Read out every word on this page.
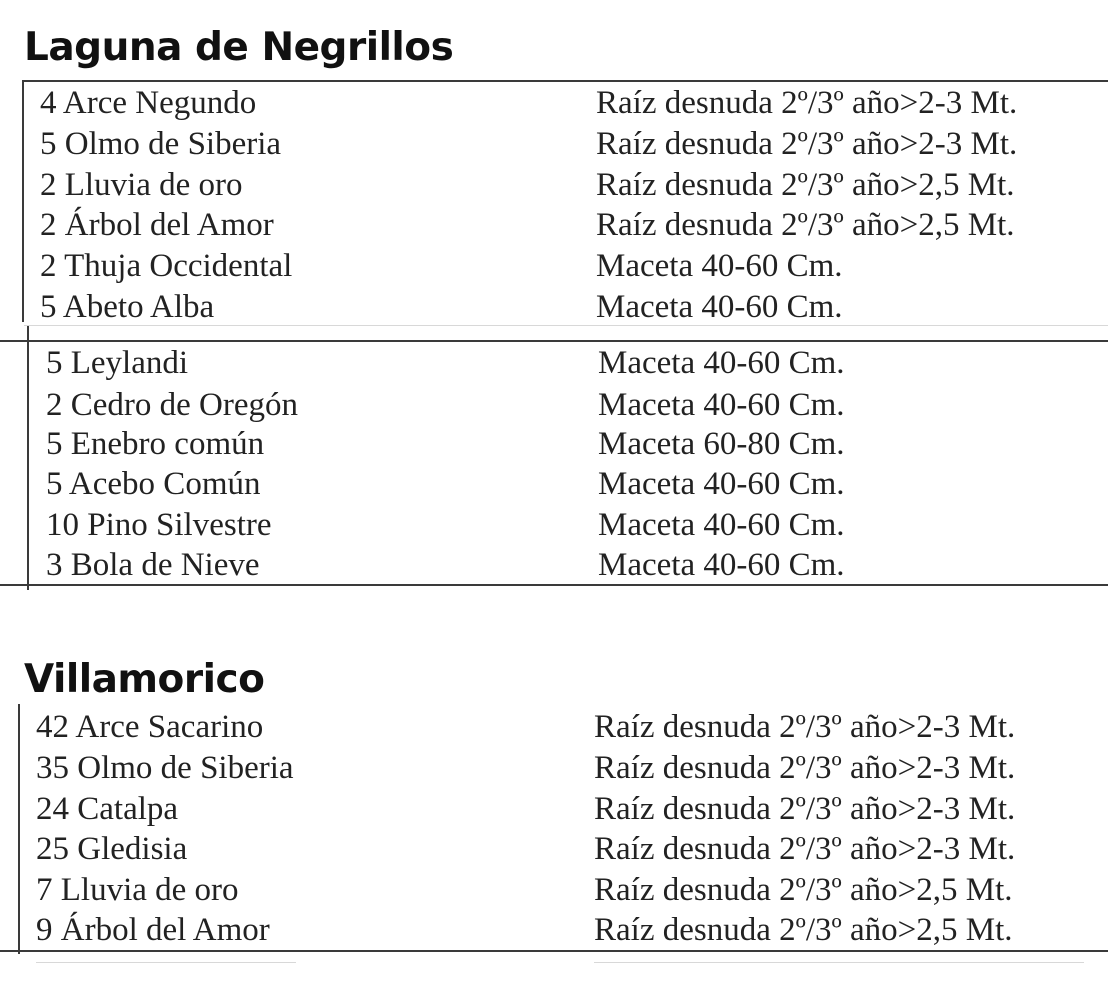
Laguna de Negrillos
4 Arce Negundo	Raíz desnuda 2º/3º año>2-3 Mt.
5 Olmo de Siberia	Raíz desnuda 2º/3º año>2-3 Mt.
2 Lluvia de oro	Raíz desnuda 2º/3º año>2,5 Mt.
2 Árbol del Amor	Raíz desnuda 2º/3º año>2,5 Mt.
2 Thuja Occidental	Maceta 40-60 Cm.
5 Abeto Alba	Maceta 40-60 Cm.
5 Leylandi	Maceta 40-60 Cm.
2 Cedro de Oregón	Maceta 40-60 Cm.
5 Enebro común	Maceta 60-80 Cm.
5 Acebo Común	Maceta 40-60 Cm.
10 Pino Silvestre	Maceta 40-60 Cm.
3 Bola de Nieve	Maceta 40-60 Cm.
Villamorico
42 Arce Sacarino	Raíz desnuda 2º/3º año>2-3 Mt.
35 Olmo de Siberia	Raíz desnuda 2º/3º año>2-3 Mt.
24 Catalpa	Raíz desnuda 2º/3º año>2-3 Mt.
25 Gledisia	Raíz desnuda 2º/3º año>2-3 Mt.
7 Lluvia de oro	Raíz desnuda 2º/3º año>2,5 Mt.
9 Árbol del Amor	Raíz desnuda 2º/3º año>2,5 Mt.
